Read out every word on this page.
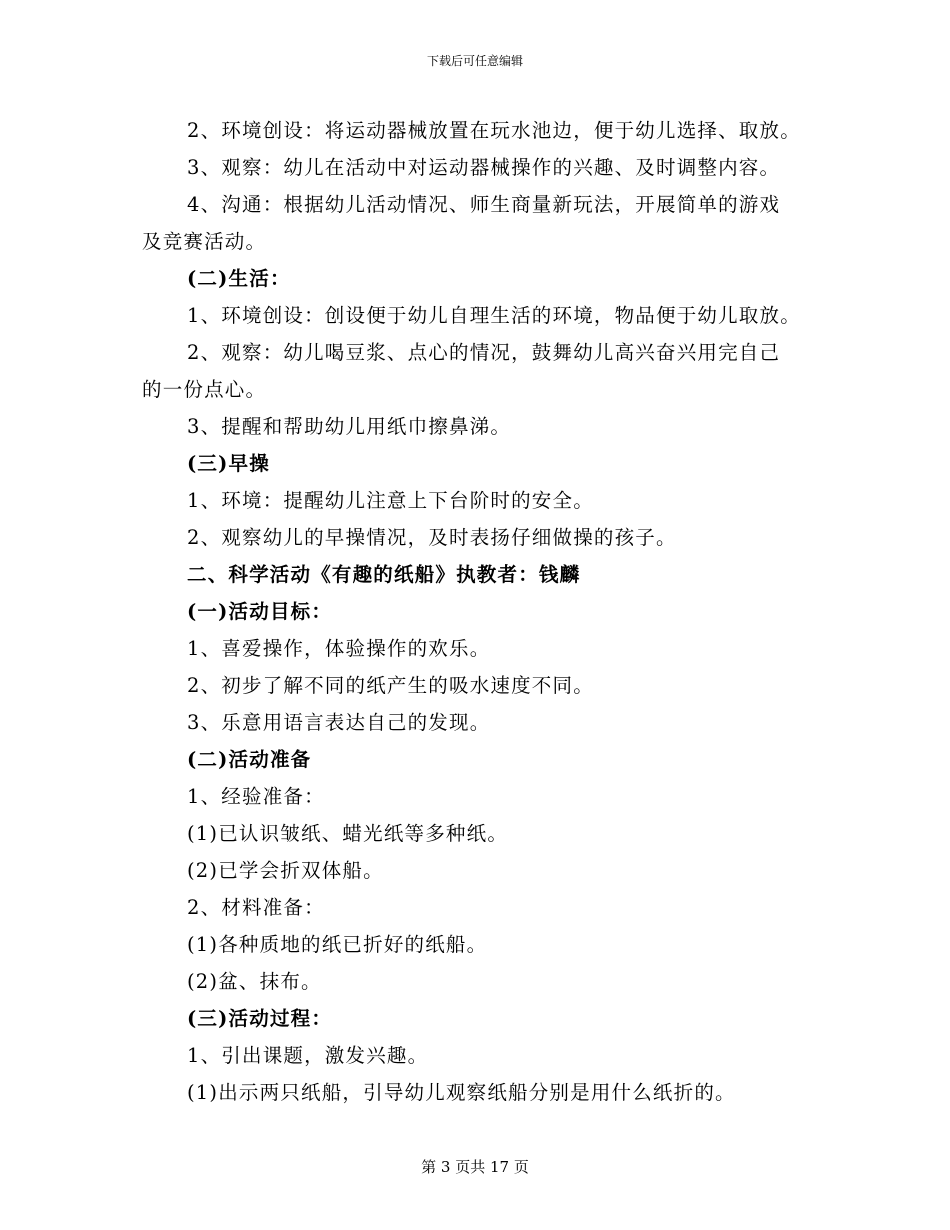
下载后可任意编辑
2、环境创设：将运动器械放置在玩水池边，便于幼儿选择、取放。
3、观察：幼儿在活动中对运动器械操作的兴趣、及时调整内容。
4、沟通：根据幼儿活动情况、师生商量新玩法，开展简单的游戏
及竞赛活动。
(二)生活：
1、环境创设：创设便于幼儿自理生活的环境，物品便于幼儿取放。
2、观察：幼儿喝豆浆、点心的情况，鼓舞幼儿高兴奋兴用完自己
的一份点心。
3、提醒和帮助幼儿用纸巾擦鼻涕。
(三)早操
1、环境：提醒幼儿注意上下台阶时的安全。
2、观察幼儿的早操情况，及时表扬仔细做操的孩子。
二、科学活动《有趣的纸船》执教者：钱麟
(一)活动目标：
1、喜爱操作，体验操作的欢乐。
2、初步了解不同的纸产生的吸水速度不同。
3、乐意用语言表达自己的发现。
(二)活动准备
1、经验准备：
(1)已认识皱纸、蜡光纸等多种纸。
(2)已学会折双体船。
2、材料准备：
(1)各种质地的纸已折好的纸船。
(2)盆、抹布。
(三)活动过程：
1、引出课题，激发兴趣。
(1)出示两只纸船，引导幼儿观察纸船分别是用什么纸折的。
第 3 页共 17 页
